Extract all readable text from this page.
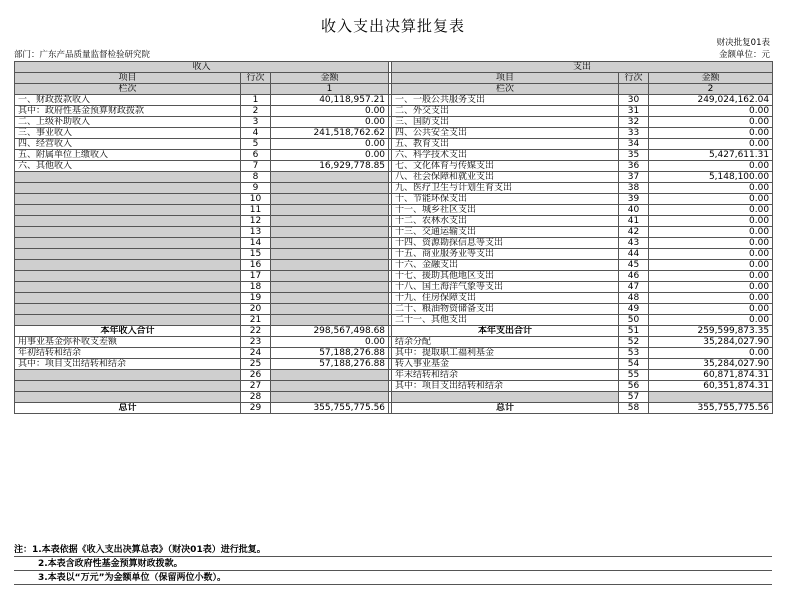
收入支出决算批复表
财决批复01表
部门：广东产品质量监督检验研究院	金额单位：元
收入				支出		
项目	行次	金额		项目	行次	金额
栏次		1		栏次		2
一、财政拨款收入	1	40,118,957.21		一、一般公共服务支出	30	249,024,162.04
其中：政府性基金预算财政拨款	2	0.00		二、外交支出	31	0.00
二、上级补助收入	3	0.00		三、国防支出	32	0.00
三、事业收入	4	241,518,762.62		四、公共安全支出	33	0.00
四、经营收入	5	0.00		五、教育支出	34	0.00
五、附属单位上缴收入	6	0.00		六、科学技术支出	35	5,427,611.31
六、其他收入	7	16,929,778.85		七、文化体育与传媒支出	36	0.00
	8			八、社会保障和就业支出	37	5,148,100.00
	9			九、医疗卫生与计划生育支出	38	0.00
	10			十、节能环保支出	39	0.00
	11			十一、城乡社区支出	40	0.00
	12			十二、农林水支出	41	0.00
	13			十三、交通运输支出	42	0.00
	14			十四、资源勘探信息等支出	43	0.00
	15			十五、商业服务业等支出	44	0.00
	16			十六、金融支出	45	0.00
	17			十七、援助其他地区支出	46	0.00
	18			十八、国土海洋气象等支出	47	0.00
	19			十九、住房保障支出	48	0.00
	20			二十、粮油物资储备支出	49	0.00
	21			二十一、其他支出	50	0.00
本年收入合计	22	298,567,498.68		本年支出合计	51	259,599,873.35
用事业基金弥补收支差额	23	0.00		结余分配	52	35,284,027.90
年初结转和结余	24	57,188,276.88		其中：提取职工福利基金	53	0.00
其中：项目支出结转和结余	25	57,188,276.88		转入事业基金	54	35,284,027.90
	26			年末结转和结余	55	60,871,874.31
	27			其中：项目支出结转和结余	56	60,351,874.31
	28				57	
总计	29	355,755,775.56		总计	58	355,755,775.56
注：1.本表依据《收入支出决算总表》（财决01表）进行批复。
2.本表含政府性基金预算财政拨款。
3.本表以“万元”为金额单位（保留两位小数）。
